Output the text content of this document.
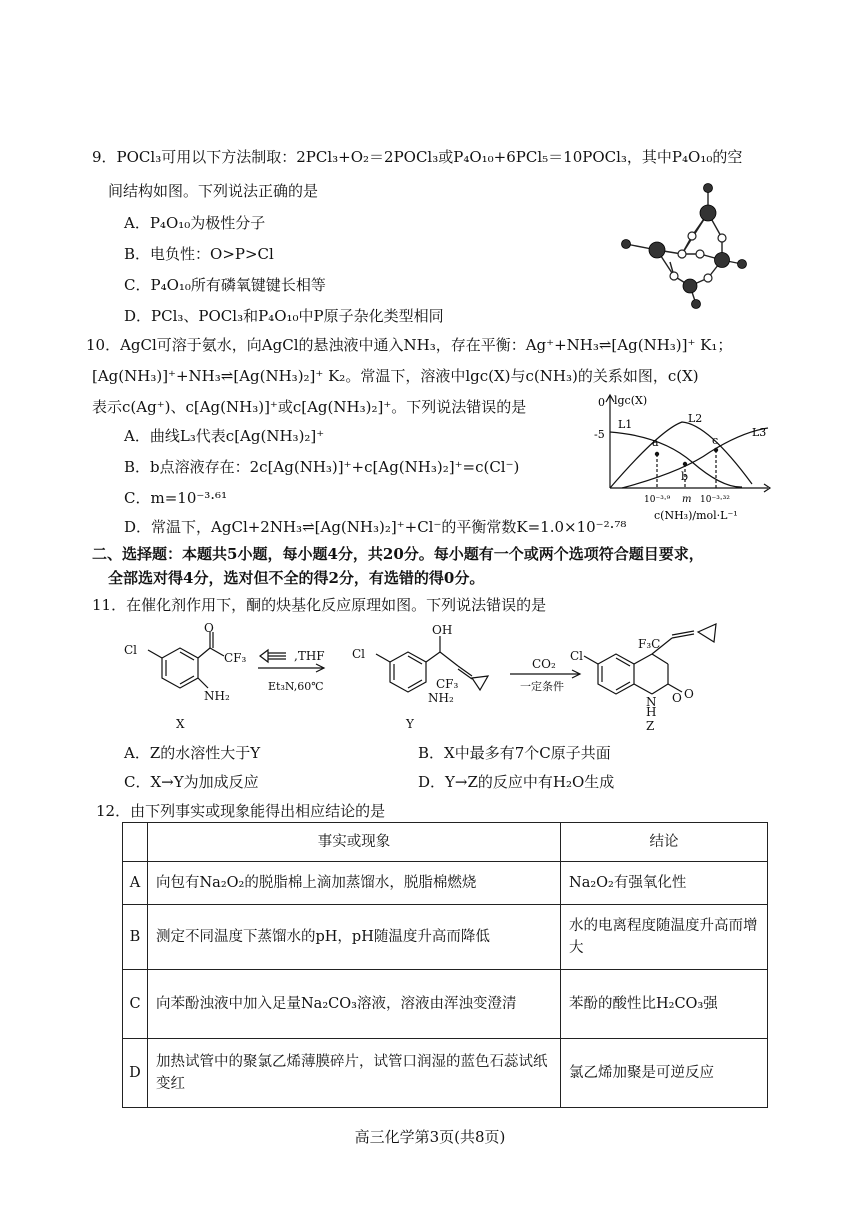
9．POCl₃可用以下方法制取：2PCl₃+O₂＝2POCl₃或P₄O₁₀+6PCl₅＝10POCl₃，其中P₄O₁₀的空
间结构如图。下列说法正确的是
A．P₄O₁₀为极性分子
B．电负性：O>P>Cl
C．P₄O₁₀所有磷氧键键长相等
D．PCl₃、POCl₃和P₄O₁₀中P原子杂化类型相同
10．AgCl可溶于氨水，向AgCl的悬浊液中通入NH₃，存在平衡：Ag⁺+NH₃⇌[Ag(NH₃)]⁺ K₁；
[Ag(NH₃)]⁺+NH₃⇌[Ag(NH₃)₂]⁺ K₂。常温下，溶液中lgc(X)与c(NH₃)的关系如图，c(X)
表示c(Ag⁺)、c[Ag(NH₃)]⁺或c[Ag(NH₃)₂]⁺。下列说法错误的是
A．曲线L₃代表c[Ag(NH₃)₂]⁺
B．b点溶液存在：2c[Ag(NH₃)]⁺+c[Ag(NH₃)₂]⁺=c(Cl⁻)
C．m=10⁻³·⁶¹
D．常温下，AgCl+2NH₃⇌[Ag(NH₃)₂]⁺+Cl⁻的平衡常数K=1.0×10⁻²·⁷⁸
lgc(X)
0
-5
L1	L2
L3
a
b
c
10⁻³·⁹ m 10⁻³·³²
c(NH₃)/mol·L⁻¹
二、选择题：本题共5小题，每小题4分，共20分。每小题有一个或两个选项符合题目要求，
全部选对得4分，选对但不全的得2分，有选错的得0分。
11．在催化剂作用下，酮的炔基化反应原理如图。下列说法错误的是
O
CF₃
Cl
NH₂
,THF
Et₃N,60℃
X
OH
Cl
CF₃
NH₂
Y
CO₂
一定条件
Cl
F₃C
O
O
N
H
Z
A．Z的水溶性大于Y	B．X中最多有7个C原子共面
C．X→Y为加成反应	D．Y→Z的反应中有H₂O生成
12．由下列事实或现象能得出相应结论的是
	事实或现象	结论
A	向包有Na₂O₂的脱脂棉上滴加蒸馏水，脱脂棉燃烧	Na₂O₂有强氧化性
B	测定不同温度下蒸馏水的pH，pH随温度升高而降低	水的电离程度随温度升高而增大
C	向苯酚浊液中加入足量Na₂CO₃溶液，溶液由浑浊变澄清	苯酚的酸性比H₂CO₃强
D	加热试管中的聚氯乙烯薄膜碎片，试管口润湿的蓝色石蕊试纸变红	氯乙烯加聚是可逆反应
高三化学第3页(共8页)
